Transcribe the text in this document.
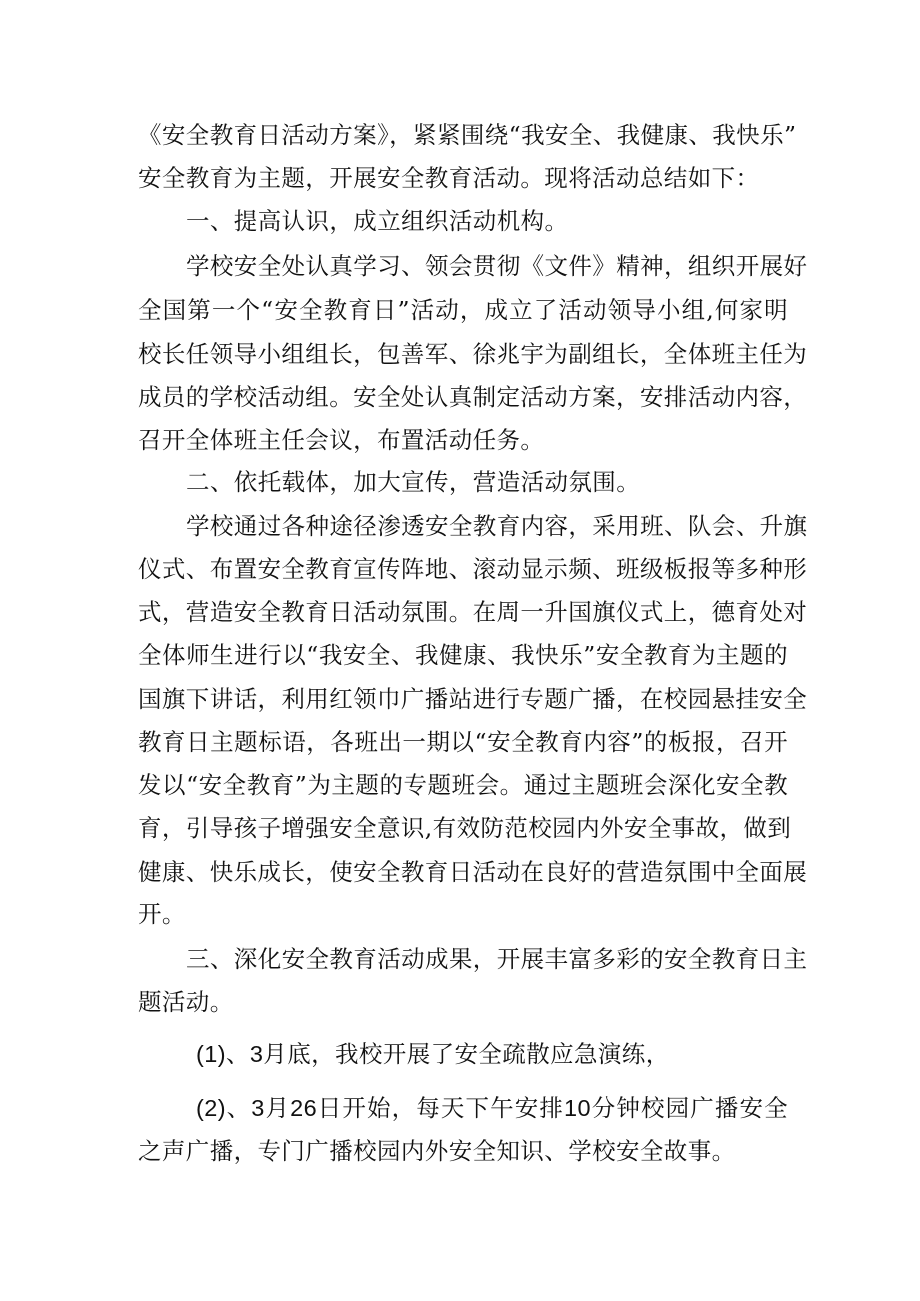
《安全教育日活动方案》，紧紧围绕“我安全、我健康、我快乐”
安全教育为主题，开展安全教育活动。现将活动总结如下：
一、提高认识，成立组织活动机构。
学校安全处认真学习、领会贯彻《文件》精神，组织开展好
全国第一个“安全教育日”活动，成立了活动领导小组,何家明
校长任领导小组组长，包善军、徐兆宇为副组长，全体班主任为
成员的学校活动组。安全处认真制定活动方案，安排活动内容，
召开全体班主任会议，布置活动任务。
二、依托载体，加大宣传，营造活动氛围。
学校通过各种途径渗透安全教育内容，采用班、队会、升旗
仪式、布置安全教育宣传阵地、滚动显示频、班级板报等多种形
式，营造安全教育日活动氛围。在周一升国旗仪式上，德育处对
全体师生进行以“我安全、我健康、我快乐”安全教育为主题的
国旗下讲话，利用红领巾广播站进行专题广播，在校园悬挂安全
教育日主题标语，各班出一期以“安全教育内容”的板报，召开
发以“安全教育”为主题的专题班会。通过主题班会深化安全教
育，引导孩子增强安全意识,有效防范校园内外安全事故，做到
健康、快乐成长，使安全教育日活动在良好的营造氛围中全面展
开。
三、深化安全教育活动成果，开展丰富多彩的安全教育日主
题活动。
(1)、3月底，我校开展了安全疏散应急演练，
(2)、3月26日开始，每天下午安排10分钟校园广播安全
之声广播，专门广播校园内外安全知识、学校安全故事。
